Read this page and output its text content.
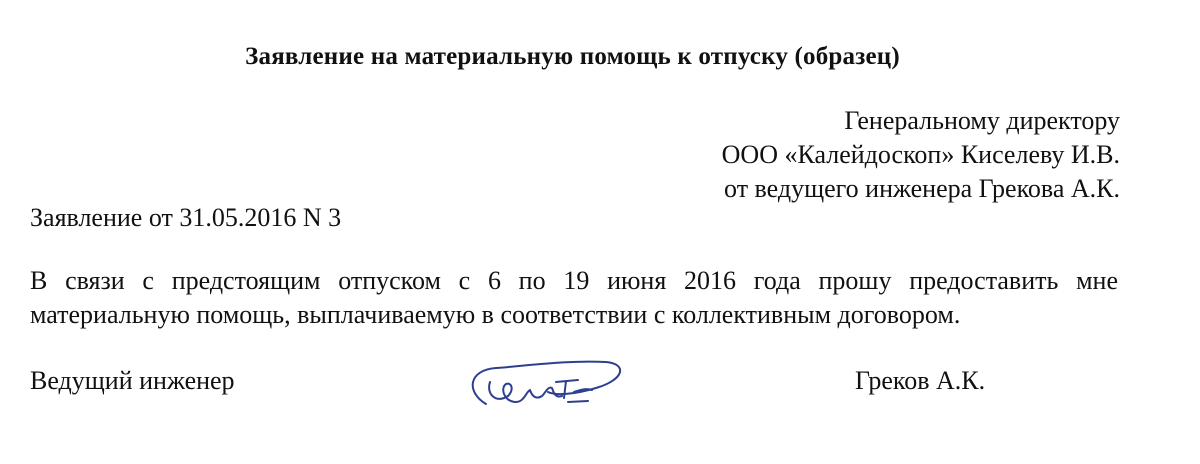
Заявление на материальную помощь к отпуску (образец)
Генеральному директору
ООО «Калейдоскоп» Киселеву И.В.
от ведущего инженера Грекова А.К.
Заявление от 31.05.2016 N 3
В связи с предстоящим отпуском с 6 по 19 июня 2016 года прошу предоставить мне
материальную помощь, выплачиваемую в соответствии с коллективным договором.
Ведущий инженер	Греков А.К.
